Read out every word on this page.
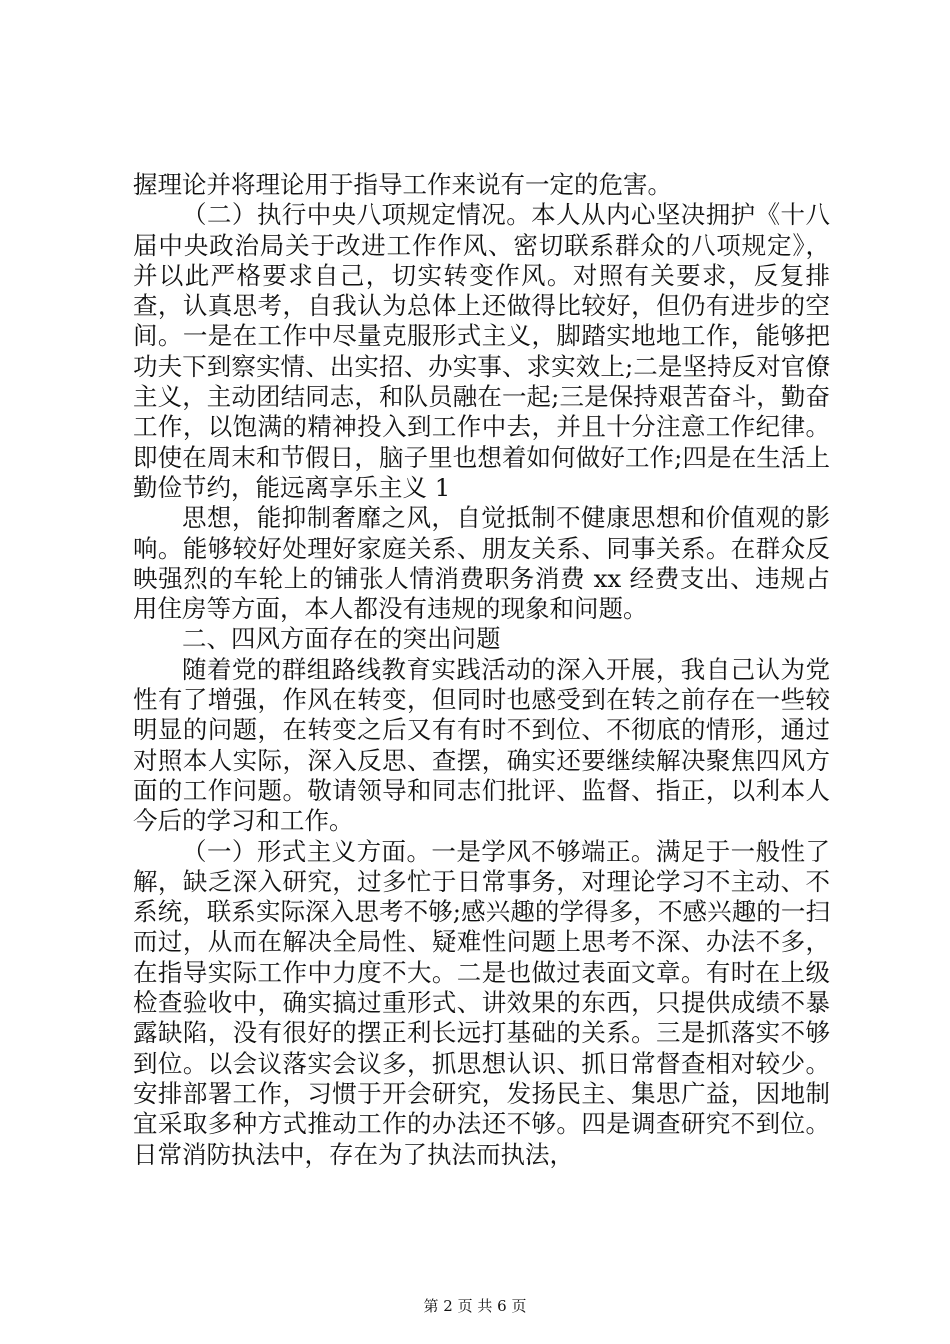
握理论并将理论用于指导工作来说有一定的危害。

（二）执行中央八项规定情况。本人从内心坚决拥护《十八届中央政治局关于改进工作作风、密切联系群众的八项规定》，并以此严格要求自己，切实转变作风。对照有关要求，反复排查，认真思考，自我认为总体上还做得比较好，但仍有进步的空间。一是在工作中尽量克服形式主义，脚踏实地地工作，能够把功夫下到察实情、出实招、办实事、求实效上;二是坚持反对官僚主义，主动团结同志，和队员融在一起;三是保持艰苦奋斗，勤奋工作，以饱满的精神投入到工作中去，并且十分注意工作纪律。即使在周末和节假日，脑子里也想着如何做好工作;四是在生活上勤俭节约，能远离享乐主义 1

思想，能抑制奢靡之风，自觉抵制不健康思想和价值观的影响。能够较好处理好家庭关系、朋友关系、同事关系。在群众反映强烈的车轮上的铺张人情消费职务消费 xx 经费支出、违规占用住房等方面，本人都没有违规的现象和问题。

二、四风方面存在的突出问题

随着党的群组路线教育实践活动的深入开展，我自己认为党性有了增强，作风在转变，但同时也感受到在转之前存在一些较明显的问题，在转变之后又有有时不到位、不彻底的情形，通过对照本人实际，深入反思、查摆，确实还要继续解决聚焦四风方面的工作问题。敬请领导和同志们批评、监督、指正，以利本人今后的学习和工作。

（一）形式主义方面。一是学风不够端正。满足于一般性了解，缺乏深入研究，过多忙于日常事务，对理论学习不主动、不系统，联系实际深入思考不够;感兴趣的学得多，不感兴趣的一扫而过，从而在解决全局性、疑难性问题上思考不深、办法不多，在指导实际工作中力度不大。二是也做过表面文章。有时在上级检查验收中，确实搞过重形式、讲效果的东西，只提供成绩不暴露缺陷，没有很好的摆正利长远打基础的关系。三是抓落实不够到位。以会议落实会议多，抓思想认识、抓日常督查相对较少。安排部署工作，习惯于开会研究，发扬民主、集思广益，因地制宜采取多种方式推动工作的办法还不够。四是调查研究不到位。日常消防执法中，存在为了执法而执法，

第 2 页 共 6 页
